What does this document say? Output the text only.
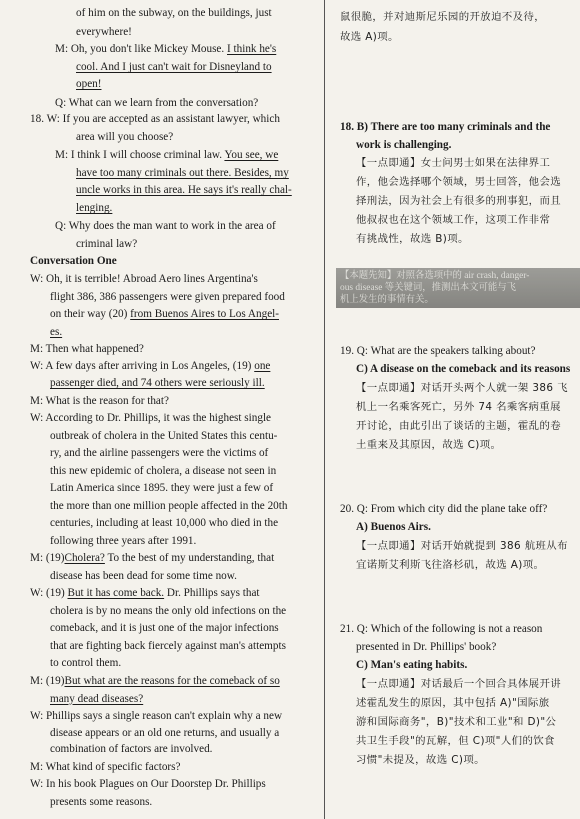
of him on the subway, on the buildings, just
everywhere!
M: Oh, you don't like Mickey Mouse. I think he's
cool. And I just can't wait for Disneyland to
open!
Q: What can we learn from the conversation?
18. W: If you are accepted as an assistant lawyer, which
area will you choose?
M: I think I will choose criminal law. You see, we
have too many criminals out there. Besides, my
uncle works in this area. He says it's really chal-
lenging.
Q: Why does the man want to work in the area of
criminal law?
Conversation One
W: Oh, it is terrible! Abroad Aero lines Argentina's
flight 386, 386 passengers were given prepared food
on their way (20) from Buenos Aires to Los Angel-
es.
M: Then what happened?
W: A few days after arriving in Los Angeles, (19) one
passenger died, and 74 others were seriously ill.
M: What is the reason for that?
W: According to Dr. Phillips, it was the highest single
outbreak of cholera in the United States this centu-
ry, and the airline passengers were the victims of
this new epidemic of cholera, a disease not seen in
Latin America since 1895. they were just a few of
the more than one million people affected in the 20th
centuries, including at least 10,000 who died in the
following three years after 1991.
M: (19)Cholera? To the best of my understanding, that
disease has been dead for some time now.
W: (19) But it has come back. Dr. Phillips says that
cholera is by no means the only old infections on the
comeback, and it is just one of the major infections
that are fighting back fiercely against man's attempts
to control them.
M: (19)But what are the reasons for the comeback of so
many dead diseases?
W: Phillips says a single reason can't explain why a new
disease appears or an old one returns, and usually a
combination of factors are involved.
M: What kind of specific factors?
W: In his book Plagues on Our Doorstep Dr. Phillips
presents some reasons.
【本题先知】对照各选项中的 air crash, danger-
ous disease 等关键词，推测出本文可能与飞
机上发生的事情有关。
鼠很脆，并对迪斯尼乐园的开放迫不及待，
故选 A)项。
18. B) There are too many criminals and the
work is challenging.
【一点即通】女士问男士如果在法律界工
作，他会选择哪个领域，男士回答，他会选
择刑法，因为社会上有很多的刑事犯，而且
他叔叔也在这个领域工作，这项工作非常
有挑战性，故选 B)项。
19. Q: What are the speakers talking about?
C) A disease on the comeback and its reasons
【一点即通】对话开头两个人就一架 386 飞
机上一名乘客死亡，另外 74 名乘客病重展
开讨论，由此引出了谈话的主题，霍乱的卷
土重来及其原因，故选 C)项。
20. Q: From which city did the plane take off?
A) Buenos Airs.
【一点即通】对话开始就提到 386 航班从布
宜诺斯艾利斯飞往洛杉矶，故选 A)项。
21. Q: Which of the following is not a reason
presented in Dr. Phillips' book?
C) Man's eating habits.
【一点即通】对话最后一个回合具体展开讲
述霍乱发生的原因，其中包括 A)"国际旅
游和国际商务"，B)"技术和工业"和 D)"公
共卫生手段"的瓦解，但 C)项"人们的饮食
习惯"未提及，故选 C)项。
